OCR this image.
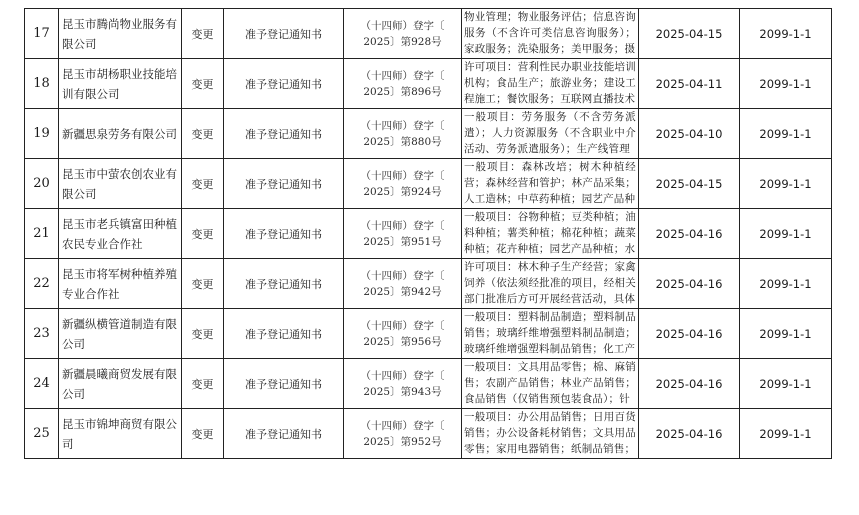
17	昆玉市腾尚物业服务有限公司	变更	准予登记通知书	（十四师）登字〔
2025〕第928号	物业管理；物业服务评估；信息咨询服务（不含许可类信息咨询服务）；家政服务；洗染服务；美甲服务；摄	2025-04-15	2099-1-1
18	昆玉市胡杨职业技能培训有限公司	变更	准予登记通知书	（十四师）登字〔
2025〕第896号	许可项目：营利性民办职业技能培训机构；食品生产；旅游业务；建设工程施工；餐饮服务；互联网直播技术	2025-04-11	2099-1-1
19	新疆思泉劳务有限公司	变更	准予登记通知书	（十四师）登字〔
2025〕第880号	一般项目：劳务服务（不含劳务派遣）；人力资源服务（不含职业中介活动、劳务派遣服务）；生产线管理	2025-04-10	2099-1-1
20	昆玉市中萤农创农业有限公司	变更	准予登记通知书	（十四师）登字〔
2025〕第924号	一般项目：森林改培；树木种植经营；森林经营和管护；林产品采集；人工造林；中草药种植；园艺产品种	2025-04-15	2099-1-1
21	昆玉市老兵镇富田种植农民专业合作社	变更	准予登记通知书	（十四师）登字〔
2025〕第951号	一般项目：谷物种植；豆类种植；油料种植；薯类种植；棉花种植；蔬菜种植；花卉种植；园艺产品种植；水	2025-04-16	2099-1-1
22	昆玉市将军树种植养殖专业合作社	变更	准予登记通知书	（十四师）登字〔
2025〕第942号	许可项目：林木种子生产经营；家禽饲养（依法须经批准的项目，经相关部门批准后方可开展经营活动，具体	2025-04-16	2099-1-1
23	新疆纵横管道制造有限公司	变更	准予登记通知书	（十四师）登字〔
2025〕第956号	一般项目：塑料制品制造；塑料制品销售；玻璃纤维增强塑料制品制造；玻璃纤维增强塑料制品销售；化工产	2025-04-16	2099-1-1
24	新疆晨曦商贸发展有限公司	变更	准予登记通知书	（十四师）登字〔
2025〕第943号	一般项目：文具用品零售；棉、麻销售；农副产品销售；林业产品销售；食品销售（仅销售预包装食品）；针	2025-04-16	2099-1-1
25	昆玉市锦坤商贸有限公司	变更	准予登记通知书	（十四师）登字〔
2025〕第952号	一般项目：办公用品销售；日用百货销售；办公设备耗材销售；文具用品零售；家用电器销售；纸制品销售；	2025-04-16	2099-1-1
